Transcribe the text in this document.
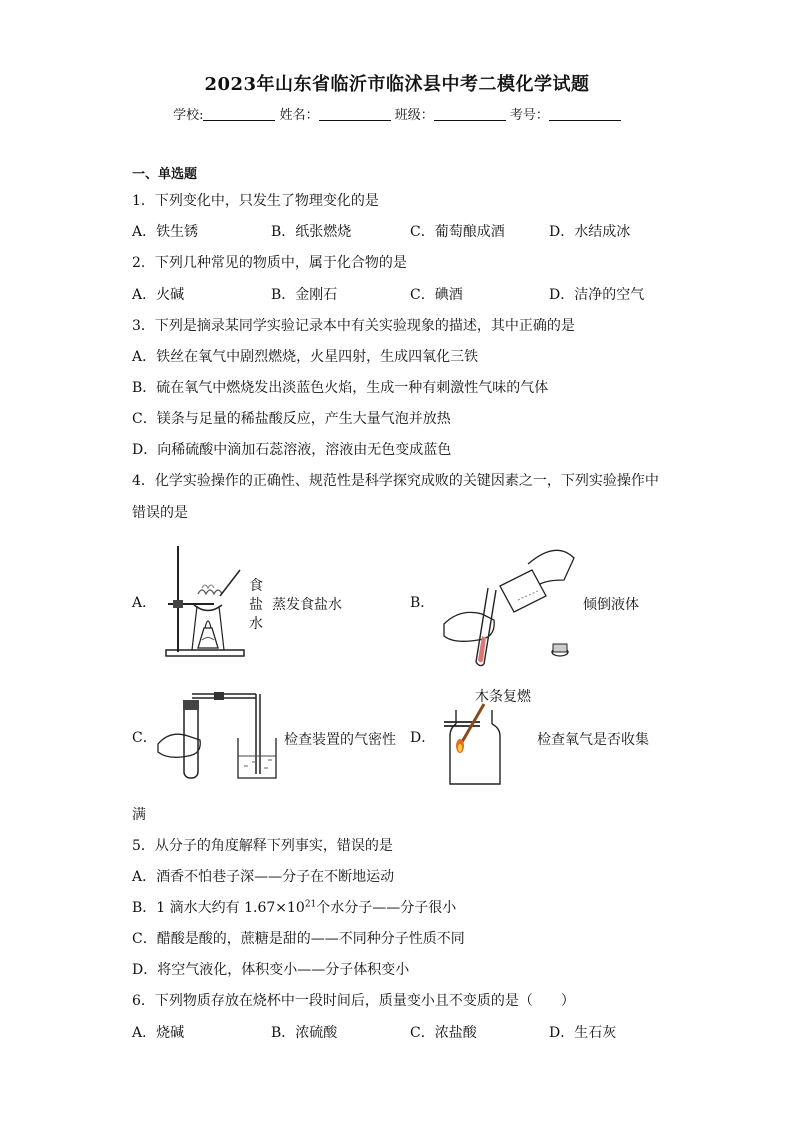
2023年山东省临沂市临沭县中考二模化学试题
学校:	姓名：	班级：	考号：
一、单选题
1．下列变化中，只发生了物理变化的是
A．铁生锈	B．纸张燃烧	C．葡萄酿成酒	D．水结成冰
2．下列几种常见的物质中，属于化合物的是
A．火碱	B．金刚石	C．碘酒	D．洁净的空气
3．下列是摘录某同学实验记录本中有关实验现象的描述，其中正确的是
A．铁丝在氧气中剧烈燃烧，火星四射，生成四氧化三铁
B．硫在氧气中燃烧发出淡蓝色火焰，生成一种有刺激性气味的气体
C．镁条与足量的稀盐酸反应，产生大量气泡并放热
D．向稀硫酸中滴加石蕊溶液，溶液由无色变成蓝色
4．化学实验操作的正确性、规范性是科学探究成败的关键因素之一，下列实验操作中
错误的是
A．
食
盐
水
蒸发食盐水	B．	倾倒液体
C．	检查装置的气密性 D．
木条复燃
检查氧气是否收集
满
5．从分子的角度解释下列事实，错误的是
A．酒香不怕巷子深——分子在不断地运动
B．1 滴水大约有 $1.67\times 10^{21}$个水分子——分子很小
C．醋酸是酸的，蔗糖是甜的——不同种分子性质不同
D．将空气液化，体积变小——分子体积变小
6．下列物质存放在烧杯中一段时间后，质量变小且不变质的是（　　）
A．烧碱	B．浓硫酸	C．浓盐酸	D．生石灰
